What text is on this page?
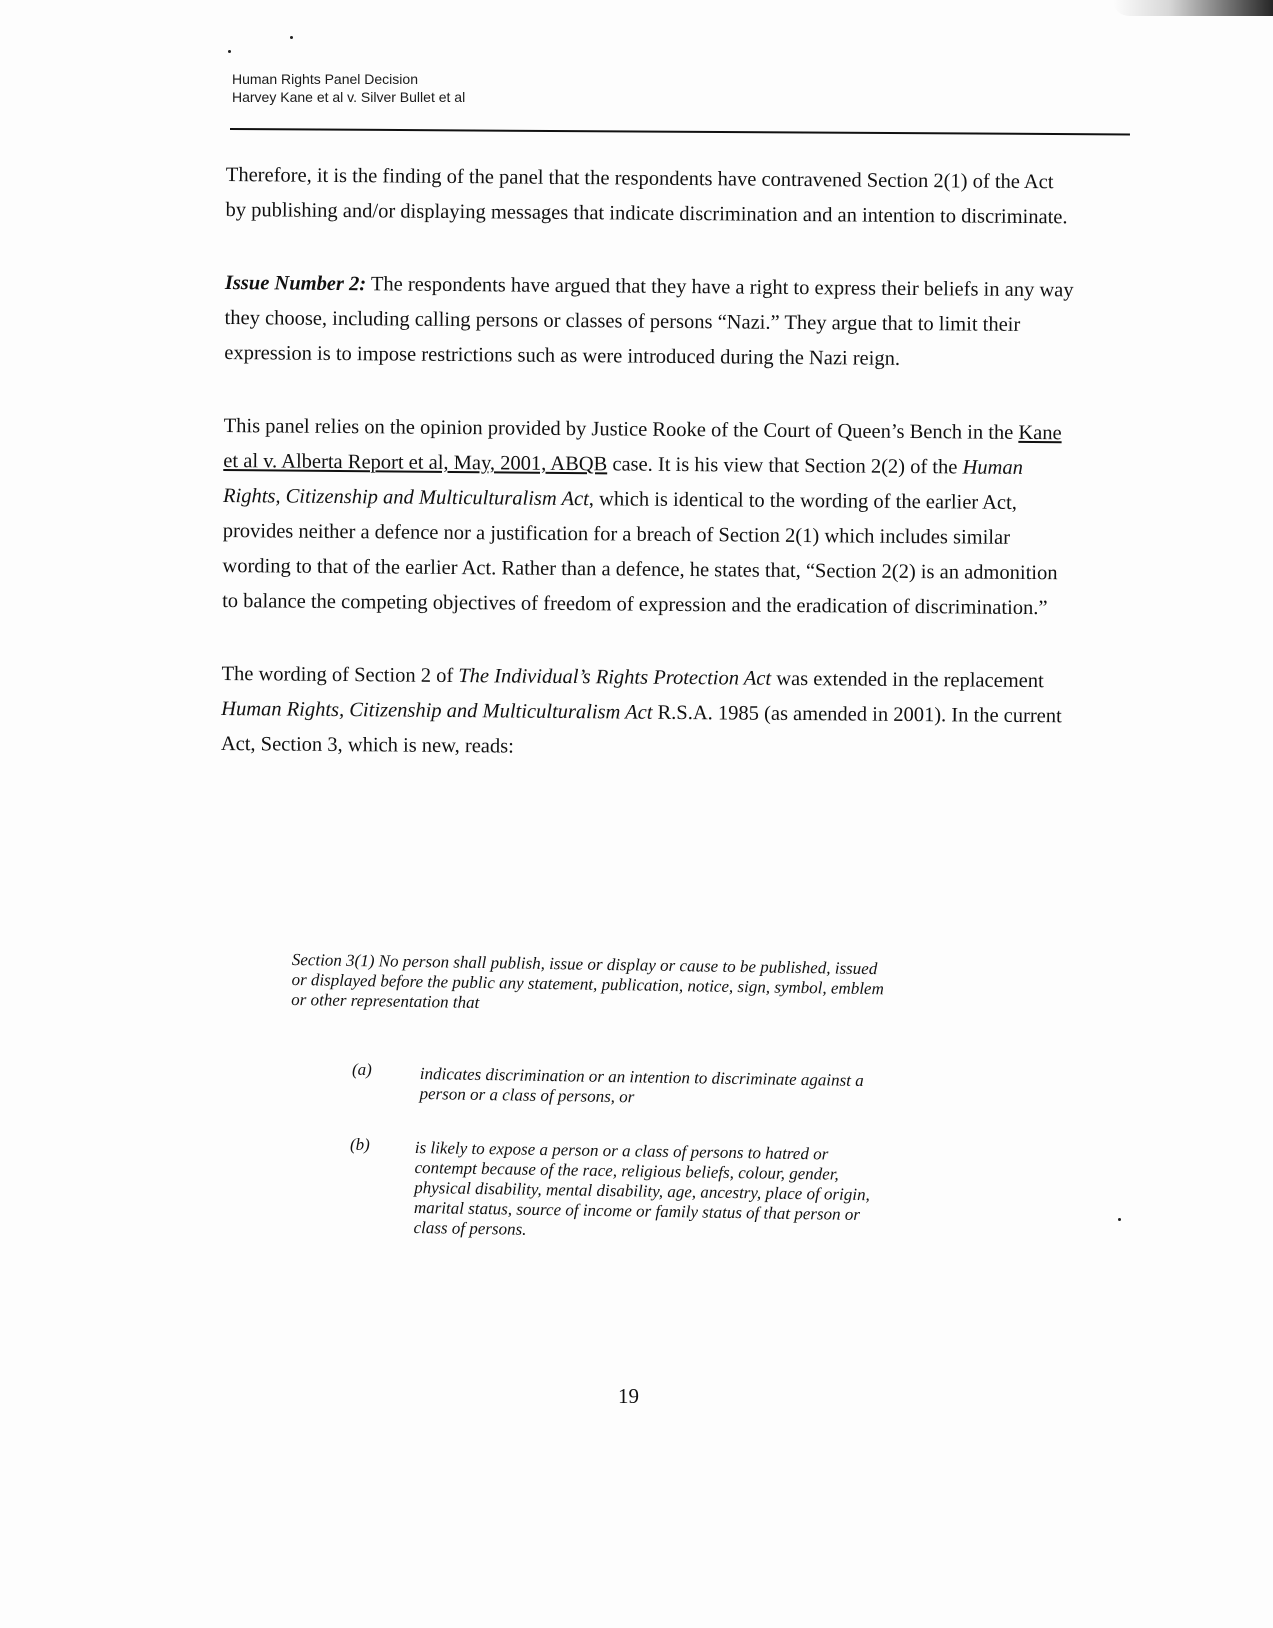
Human Rights Panel Decision
Harvey Kane et al v. Silver Bullet et al

Therefore, it is the finding of the panel that the respondents have contravened Section 2(1) of the Act by publishing and/or displaying messages that indicate discrimination and an intention to discriminate.

Issue Number 2: The respondents have argued that they have a right to express their beliefs in any way they choose, including calling persons or classes of persons “Nazi.” They argue that to limit their expression is to impose restrictions such as were introduced during the Nazi reign.

This panel relies on the opinion provided by Justice Rooke of the Court of Queen’s Bench in the Kane et al v. Alberta Report et al, May, 2001, ABQB case. It is his view that Section 2(2) of the Human Rights, Citizenship and Multiculturalism Act, which is identical to the wording of the earlier Act, provides neither a defence nor a justification for a breach of Section 2(1) which includes similar wording to that of the earlier Act. Rather than a defence, he states that, “Section 2(2) is an admonition to balance the competing objectives of freedom of expression and the eradication of discrimination.”

The wording of Section 2 of The Individual’s Rights Protection Act was extended in the replacement Human Rights, Citizenship and Multiculturalism Act R.S.A. 1985 (as amended in 2001). In the current Act, Section 3, which is new, reads:

Section 3(1) No person shall publish, issue or display or cause to be published, issued or displayed before the public any statement, publication, notice, sign, symbol, emblem or other representation that
(a)	indicates discrimination or an intention to discriminate against a person or a class of persons, or
(b)	is likely to expose a person or a class of persons to hatred or contempt because of the race, religious beliefs, colour, gender, physical disability, mental disability, age, ancestry, place of origin, marital status, source of income or family status of that person or class of persons.
19
